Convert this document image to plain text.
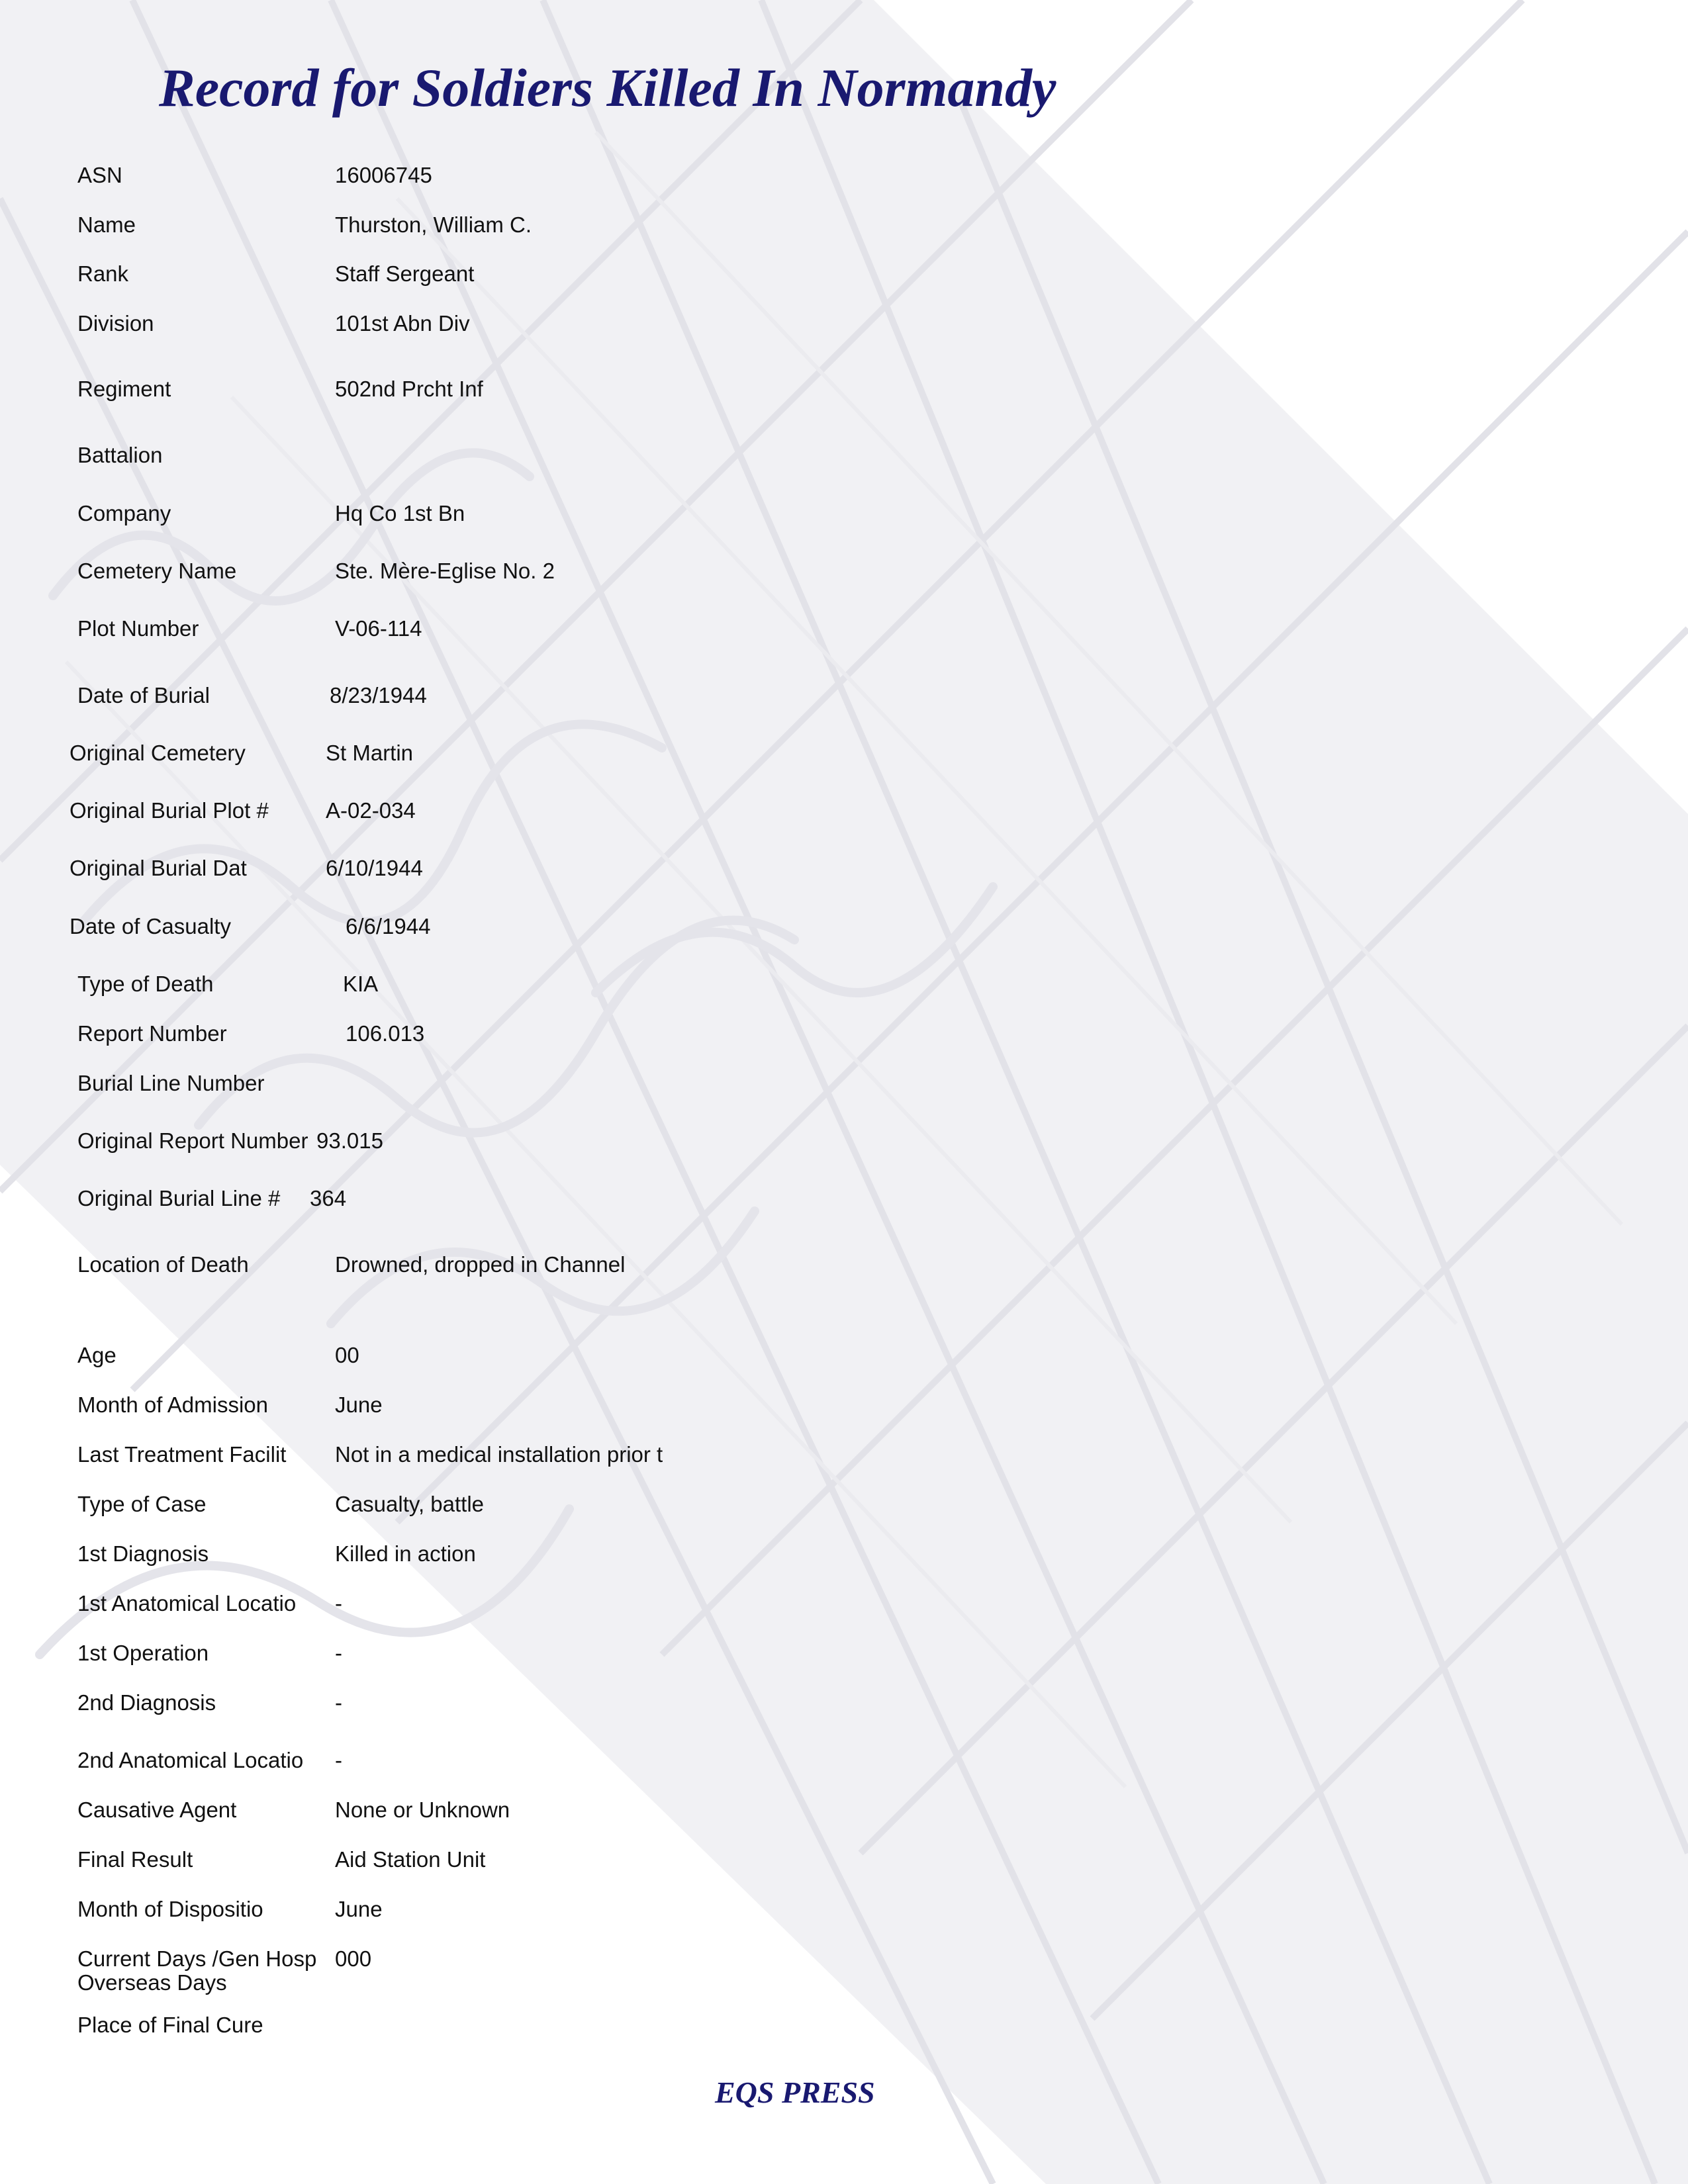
Record for Soldiers Killed In Normandy
ASN	16006745
Name	Thurston, William C.
Rank	Staff Sergeant
Division	101st Abn Div
Regiment	502nd Prcht Inf
Battalion
Company	Hq Co 1st Bn
Cemetery Name	Ste. Mère-Eglise No. 2
Plot Number	V-06-114
Date of Burial	8/23/1944
Original Cemetery	St Martin
Original Burial Plot #	A-02-034
Original Burial Dat	6/10/1944
Date of Casualty	6/6/1944
Type of Death	KIA
Report Number	106.013
Burial Line Number
Original Report Number 93.015
Original Burial Line # 364
Location of Death	Drowned, dropped in Channel
Age	00
Month of Admission	June
Last Treatment Facilit Not in a medical installation prior t
Type of Case	Casualty, battle
1st Diagnosis	Killed in action
1st Anatomical Locatio -
1st Operation	-
2nd Diagnosis	-
2nd Anatomical Locatio -
Causative Agent	None or Unknown
Final Result	Aid Station Unit
Month of Dispositio	June
Current Days /Gen Hosp 000
Overseas Days
Place of Final Cure

EQS PRESS
